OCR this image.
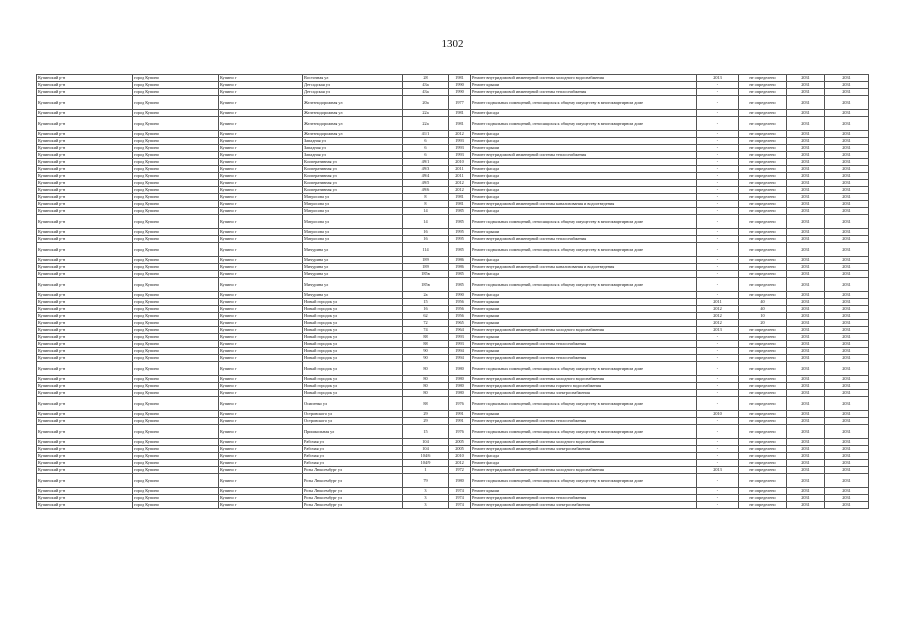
1302
Купинский р-н	город Купино	Купино г	Восточная ул	28	1981	Ремонт внутридомовой инженерной системы холодного водоснабжения	2013	не определено	2031	2031
Купинский р-н	город Купино	Купино г	Детсадская ул	43а	1990	Ремонт крыши	-	не определено	2031	2031
Купинский р-н	город Купино	Купино г	Детсадская ул	43а	1990	Ремонт внутридомовой инженерной системы теплоснабжения	-	не определено	2031	2031
Купинский р-н	город Купино	Купино г	Железнодорожная ул	20а	1977	Ремонт подвальных помещений, относящихся к общему имуществу в многоквартирном доме	-	не определено	2031	2031
Купинский р-н	город Купино	Купино г	Железнодорожная ул	22а	1981	Ремонт фасада	-	не определено	2031	2031
Купинский р-н	город Купино	Купино г	Железнодорожная ул	22а	1981	Ремонт подвальных помещений, относящихся к общему имуществу в многоквартирном доме	-	не определено	2031	2031
Купинский р-н	город Купино	Купино г	Железнодорожная ул	41/1	2012	Ремонт фасада	-	не определено	2031	2031
Купинский р-н	город Купино	Купино г	Западная ул	6	1993	Ремонт фасада	-	не определено	2031	2031
Купинский р-н	город Купино	Купино г	Западная ул	6	1993	Ремонт крыши	-	не определено	2031	2031
Купинский р-н	город Купино	Купино г	Западная ул	6	1993	Ремонт внутридомовой инженерной системы теплоснабжения	-	не определено	2031	2031
Купинский р-н	город Купино	Купино г	Кооперативная ул	49/1	2010	Ремонт фасада	-	не определено	2031	2031
Купинский р-н	город Купино	Купино г	Кооперативная ул	49/3	2011	Ремонт фасада	-	не определено	2031	2031
Купинский р-н	город Купино	Купино г	Кооперативная ул	49/4	2011	Ремонт фасада	-	не определено	2031	2031
Купинский р-н	город Купино	Купино г	Кооперативная ул	49/5	2012	Ремонт фасада	-	не определено	2031	2031
Купинский р-н	город Купино	Купино г	Кооперативная ул	49/6	2012	Ремонт фасада	-	не определено	2031	2031
Купинский р-н	город Купино	Купино г	Матросова ул	8	1981	Ремонт фасада	-	не определено	2031	2031
Купинский р-н	город Купино	Купино г	Матросова ул	8	1981	Ремонт внутридомовой инженерной системы канализования и водоотведения	-	не определено	2031	2031
Купинский р-н	город Купино	Купино г	Матросова ул	14	1985	Ремонт фасада	-	не определено	2031	2031
Купинский р-н	город Купино	Купино г	Матросова ул	14	1985	Ремонт подвальных помещений, относящихся к общему имуществу в многоквартирном доме	-	не определено	2031	2031
Купинский р-н	город Купино	Купино г	Матросова ул	16	1995	Ремонт крыши	-	не определено	2031	2031
Купинский р-н	город Купино	Купино г	Матросова ул	16	1995	Ремонт внутридомовой инженерной системы теплоснабжения	-	не определено	2031	2031
Купинский р-н	город Купино	Купино г	Мичурина ул	114	1985	Ремонт подвальных помещений, относящихся к общему имуществу в многоквартирном доме	-	не определено	2031	2031
Купинский р-н	город Купино	Купино г	Мичурина ул	189	1986	Ремонт фасада	-	не определено	2031	2031
Купинский р-н	город Купино	Купино г	Мичурина ул	189	1986	Ремонт внутридомовой инженерной системы канализования и водоотведения	-	не определено	2031	2031
Купинский р-н	город Купино	Купино г	Мичурина ул	185в	1985	Ремонт фасада	-	не определено	2031	2031
Купинский р-н	город Купино	Купино г	Мичурина ул	185в	1985	Ремонт подвальных помещений, относящихся к общему имуществу в многоквартирном доме	-	не определено	2031	2031
Купинский р-н	город Купино	Купино г	Мичурина ул	2а	1990	Ремонт фасада	-	не определено	2031	2031
Купинский р-н	город Купино	Купино г	Новый городок ул	15	1956	Ремонт крыши	2011	40	2031	2031
Купинский р-н	город Купино	Купино г	Новый городок ул	16	1956	Ремонт крыши	2012	40	2031	2031
Купинский р-н	город Купино	Купино г	Новый городок ул	62	1956	Ремонт крыши	2012	10	2031	2031
Купинский р-н	город Купино	Купино г	Новый городок ул	72	1965	Ремонт крыши	2012	20	2031	2031
Купинский р-н	город Купино	Купино г	Новый городок ул	74	1964	Ремонт внутридомовой инженерной системы холодного водоснабжения	2013	не определено	2031	2031
Купинский р-н	город Купино	Купино г	Новый городок ул	88	1993	Ремонт крыши	-	не определено	2031	2031
Купинский р-н	город Купино	Купино г	Новый городок ул	88	1993	Ремонт внутридомовой инженерной системы теплоснабжения	-	не определено	2031	2031
Купинский р-н	город Купино	Купино г	Новый городок ул	90	1994	Ремонт крыши	-	не определено	2031	2031
Купинский р-н	город Купино	Купино г	Новый городок ул	90	1994	Ремонт внутридомовой инженерной системы теплоснабжения	-	не определено	2031	2031
Купинский р-н	город Купино	Купино г	Новый городок ул	80	1980	Ремонт подвальных помещений, относящихся к общему имуществу в многоквартирном доме	-	не определено	2031	2031
Купинский р-н	город Купино	Купино г	Новый городок ул	80	1980	Ремонт внутридомовой инженерной системы холодного водоснабжения	-	не определено	2031	2031
Купинский р-н	город Купино	Купино г	Новый городок ул	80	1980	Ремонт внутридомовой инженерной системы горячего водоснабжения	-	не определено	2031	2031
Купинский р-н	город Купино	Купино г	Новый городок ул	80	1980	Ремонт внутридомовой инженерной системы электроснабжения	-	не определено	2031	2031
Купинский р-н	город Купино	Купино г	Осипенко ул	88	1976	Ремонт подвальных помещений, относящихся к общему имуществу в многоквартирном доме	-	не определено	2031	2031
Купинский р-н	город Купино	Купино г	Островского ул	29	1991	Ремонт крыши	2010	не определено	2031	2031
Купинский р-н	город Купино	Купино г	Островского ул	29	1991	Ремонт внутридомовой инженерной системы теплоснабжения	-	не определено	2031	2031
Купинский р-н	город Купино	Купино г	Пришкольная ул	15	1976	Ремонт подвальных помещений, относящихся к общему имуществу в многоквартирном доме	-	не определено	2031	2031
Купинский р-н	город Купино	Купино г	Рабочая ул	104	2005	Ремонт внутридомовой инженерной системы холодного водоснабжения	-	не определено	2031	2031
Купинский р-н	город Купино	Купино г	Рабочая ул	104	2005	Ремонт внутридомовой инженерной системы электроснабжения	-	не определено	2031	2031
Купинский р-н	город Купино	Купино г	Рабочая ул	104/6	2010	Ремонт фасада	-	не определено	2031	2031
Купинский р-н	город Купино	Купино г	Рабочая ул	104/9	2012	Ремонт фасада	-	не определено	2031	2031
Купинский р-н	город Купино	Купино г	Розы Люксембург ул	1	1972	Ремонт внутридомовой инженерной системы холодного водоснабжения	2013	не определено	2031	2031
Купинский р-н	город Купино	Купино г	Розы Люксембург ул	79	1980	Ремонт подвальных помещений, относящихся к общему имуществу в многоквартирном доме	-	не определено	2031	2031
Купинский р-н	город Купино	Купино г	Розы Люксембург ул	3	1974	Ремонт крыши	-	не определено	2031	2031
Купинский р-н	город Купино	Купино г	Розы Люксембург ул	3	1974	Ремонт внутридомовой инженерной системы теплоснабжения	-	не определено	2031	2031
Купинский р-н	город Купино	Купино г	Розы Люксембург ул	3	1974	Ремонт внутридомовой инженерной системы электроснабжения	-	не определено	2031	2031
